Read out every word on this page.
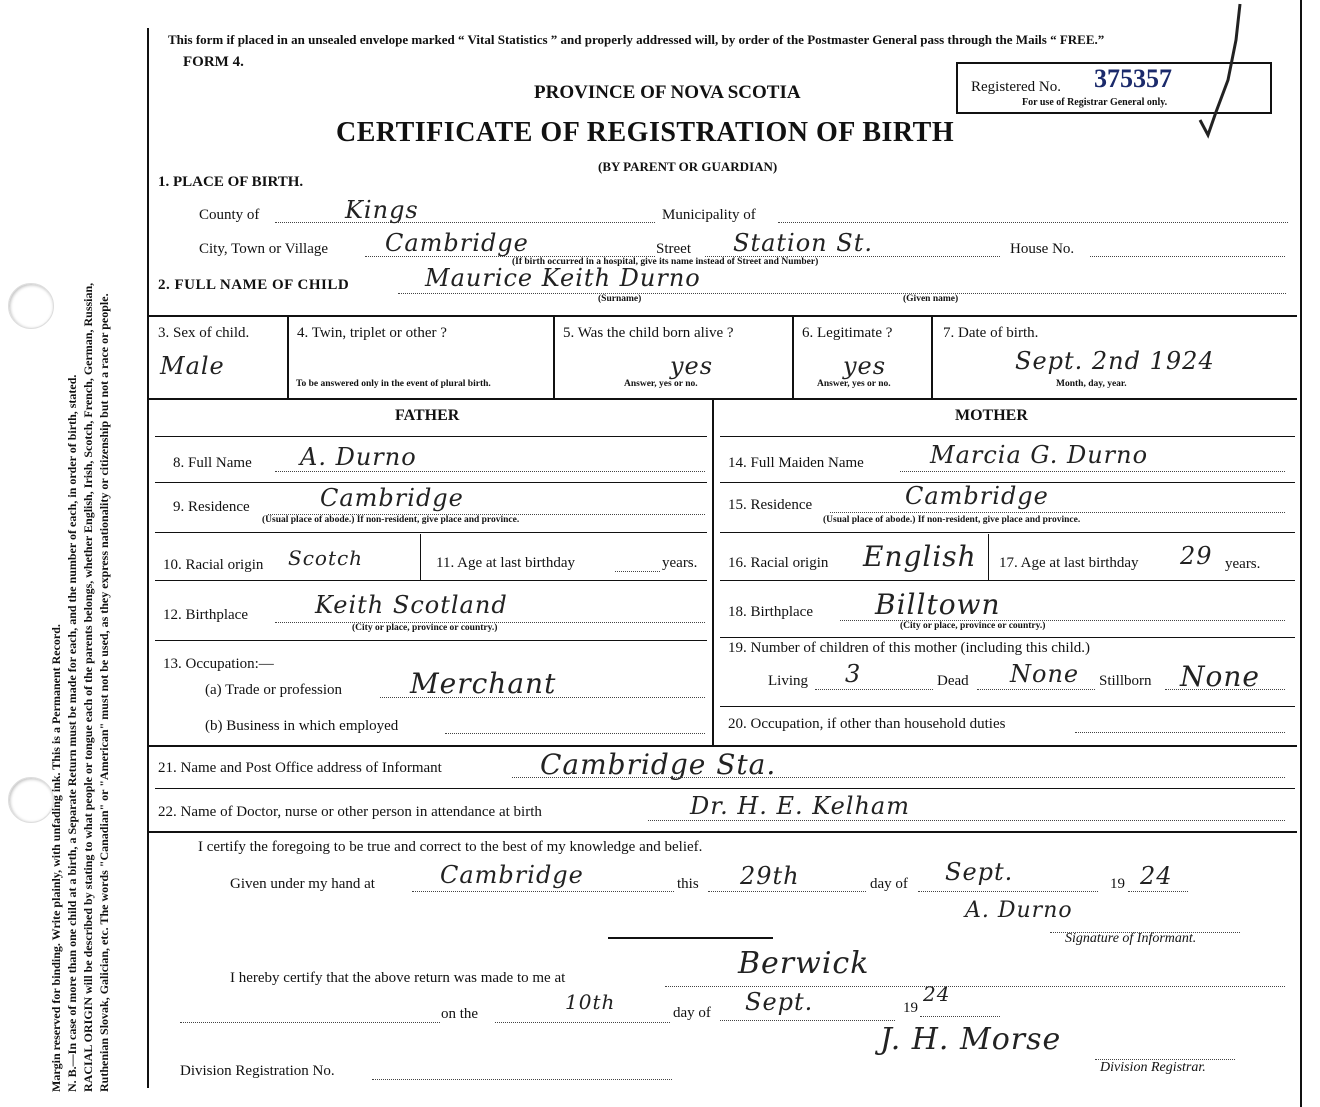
Margin reserved for binding. Write plainly, with unfading ink. This is a Permanent Record. N. B.—In case of more than one child at a birth, a Separate Return must be made for each, and the number of each, in order of birth, stated. RACIAL ORIGIN will be described by stating to what people or tongue each of the parents belongs, whether English, Irish, Scotch, French, German, Russian, Ruthenian Slovak, Galician, etc. The words "Canadian" or "American" must not be used, as they express nationality or citizenship but not a race or people.
This form if placed in an unsealed envelope marked “ Vital Statistics ” and properly addressed will, by order of the Postmaster General pass through the Mails “ FREE.”
FORM 4.
PROVINCE OF NOVA SCOTIA
CERTIFICATE OF REGISTRATION OF BIRTH
(BY PARENT OR GUARDIAN)
Registered No. 375357
For use of Registrar General only.
1. PLACE OF BIRTH.
County of	Kings	Municipality of
City, Town or Village Cambridge	Street Station St.	House No.
(If birth occurred in a hospital, give its name instead of Street and Number)
2. FULL NAME OF CHILD	Maurice Keith Durno
(Surname)	(Given name)
3. Sex of child.
Male
4. Twin, triplet or other ?
To be answered only in the event of plural birth.
5. Was the child born alive ?
yes
Answer, yes or no.
6. Legitimate ?
yes
Answer, yes or no.
7. Date of birth.
Sept. 2nd 1924
Month, day, year.
FATHER	MOTHER
8. Full Name A. Durno
9. Residence	Cambridge
(Usual place of abode.) If non-resident, give place and province.
10. Racial origin Scotch	11. Age at last birthday	years.
12. Birthplace	Keith Scotland
(City or place, province or country.)
13. Occupation:—
(a) Trade or profession Merchant
(b) Business in which employed
14. Full Maiden Name	Marcia G. Durno
15. Residence	Cambridge
(Usual place of abode.) If non-resident, give place and province.
16. Racial origin English 17. Age at last birthday 29 years.
18. Birthplace Billtown
(City or place, province or country.)
19. Number of children of this mother (including this child.)
Living 3	Dead None Stillborn None
20. Occupation, if other than household duties
21. Name and Post Office address of Informant	Cambridge Sta.
22. Name of Doctor, nurse or other person in attendance at birth	Dr. H. E. Kelham
I certify the foregoing to be true and correct to the best of my knowledge and belief.
Given under my hand at	Cambridge	this 29th	day of Sept.	19 24
A. Durno
Signature of Informant.
I hereby certify that the above return was made to me at	Berwick
on the	10th	day of Sept.	19
24
J. H. Morse
Division Registration No.	Division Registrar.
